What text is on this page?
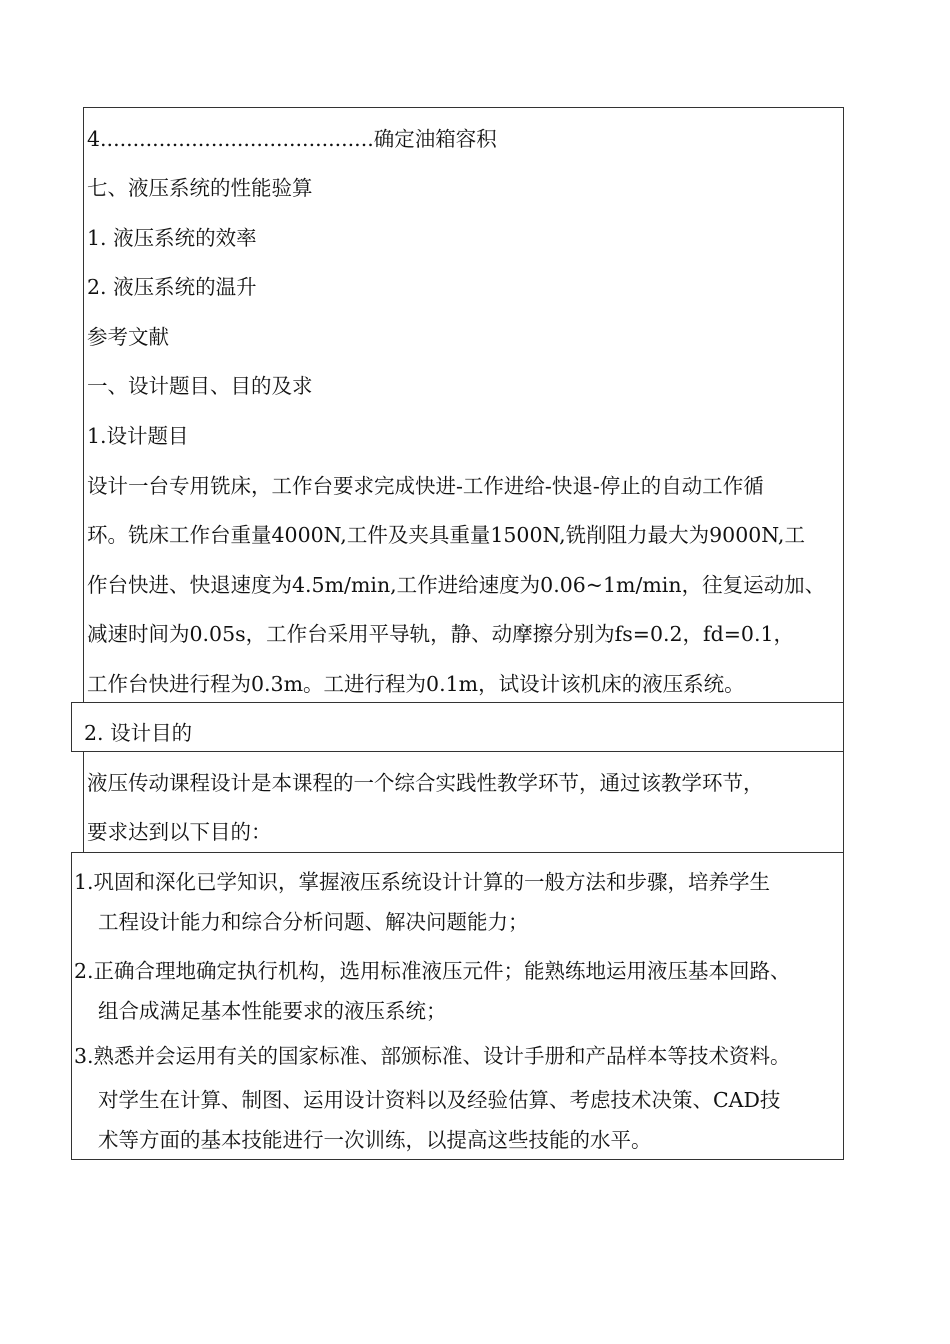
4..........................................确定油箱容积
七、液压系统的性能验算
1. 液压系统的效率
2. 液压系统的温升
参考文献
一、设计题目、目的及求
1.设计题目
设计一台专用铣床，工作台要求完成快进-工作进给-快退-停止的自动工作循
环。铣床工作台重量4000N,工件及夹具重量1500N,铣削阻力最大为9000N,工
作台快进、快退速度为4.5m/min,工作进给速度为0.06~1m/min，往复运动加、
减速时间为0.05s，工作台采用平导轨，静、动摩擦分别为fs=0.2，fd=0.1，
工作台快进行程为0.3m。工进行程为0.1m，试设计该机床的液压系统。
2. 设计目的
液压传动课程设计是本课程的一个综合实践性教学环节，通过该教学环节，
要求达到以下目的：
1.巩固和深化已学知识，掌握液压系统设计计算的一般方法和步骤，培养学生
工程设计能力和综合分析问题、解决问题能力；
2.正确合理地确定执行机构，选用标准液压元件；能熟练地运用液压基本回路、
组合成满足基本性能要求的液压系统；
3.熟悉并会运用有关的国家标准、部颁标准、设计手册和产品样本等技术资料。
对学生在计算、制图、运用设计资料以及经验估算、考虑技术决策、CAD技
术等方面的基本技能进行一次训练，以提高这些技能的水平。
